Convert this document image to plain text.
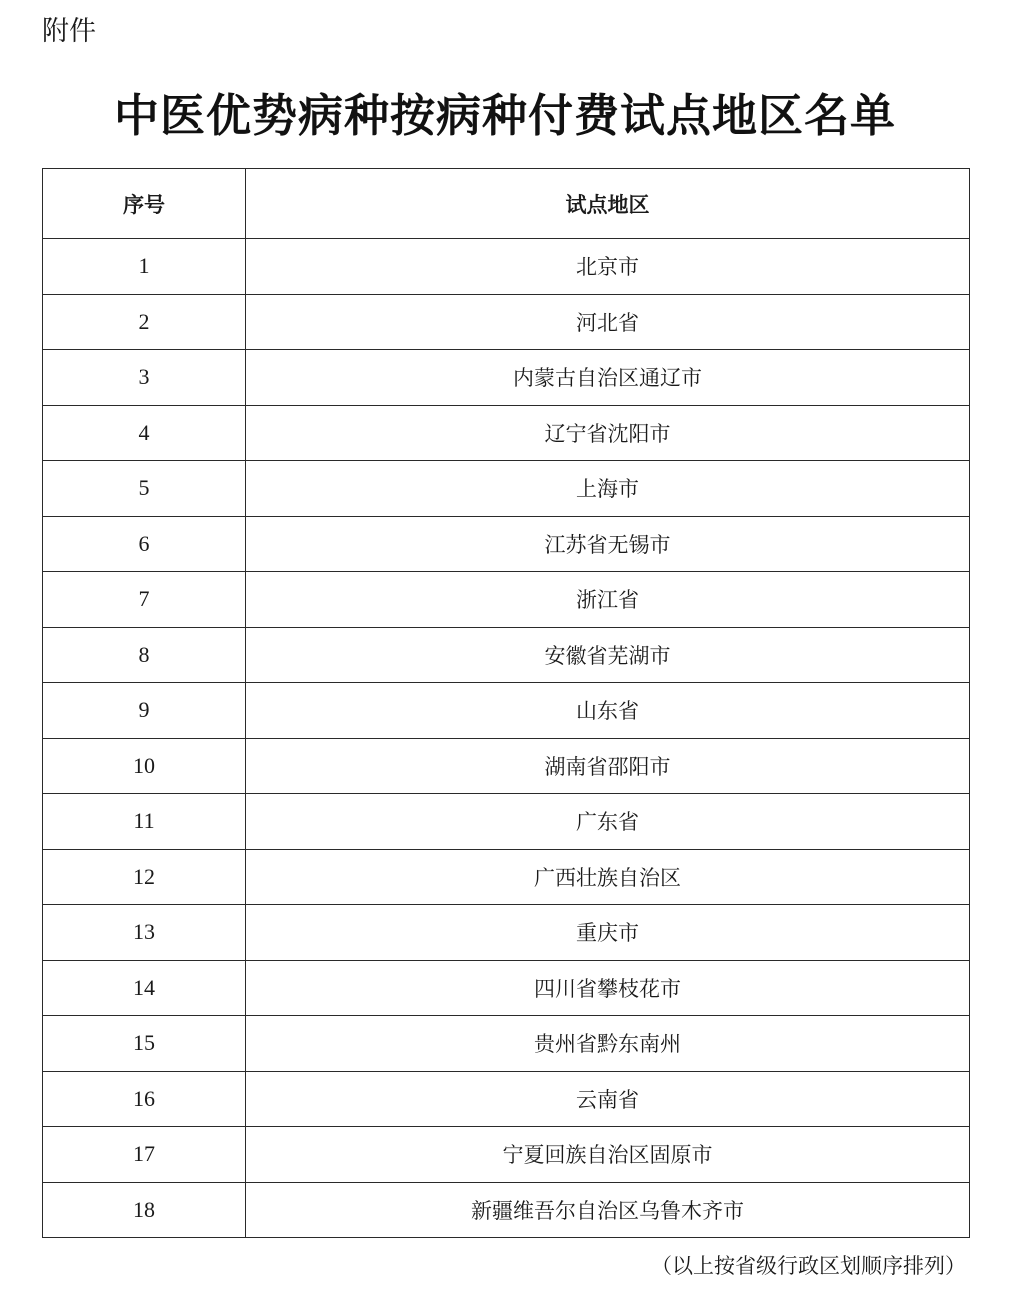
附件
中医优势病种按病种付费试点地区名单
序号	试点地区
1	北京市
2	河北省
3	内蒙古自治区通辽市
4	辽宁省沈阳市
5	上海市
6	江苏省无锡市
7	浙江省
8	安徽省芜湖市
9	山东省
10	湖南省邵阳市
11	广东省
12	广西壮族自治区
13	重庆市
14	四川省攀枝花市
15	贵州省黔东南州
16	云南省
17	宁夏回族自治区固原市
18	新疆维吾尔自治区乌鲁木齐市
（以上按省级行政区划顺序排列）
